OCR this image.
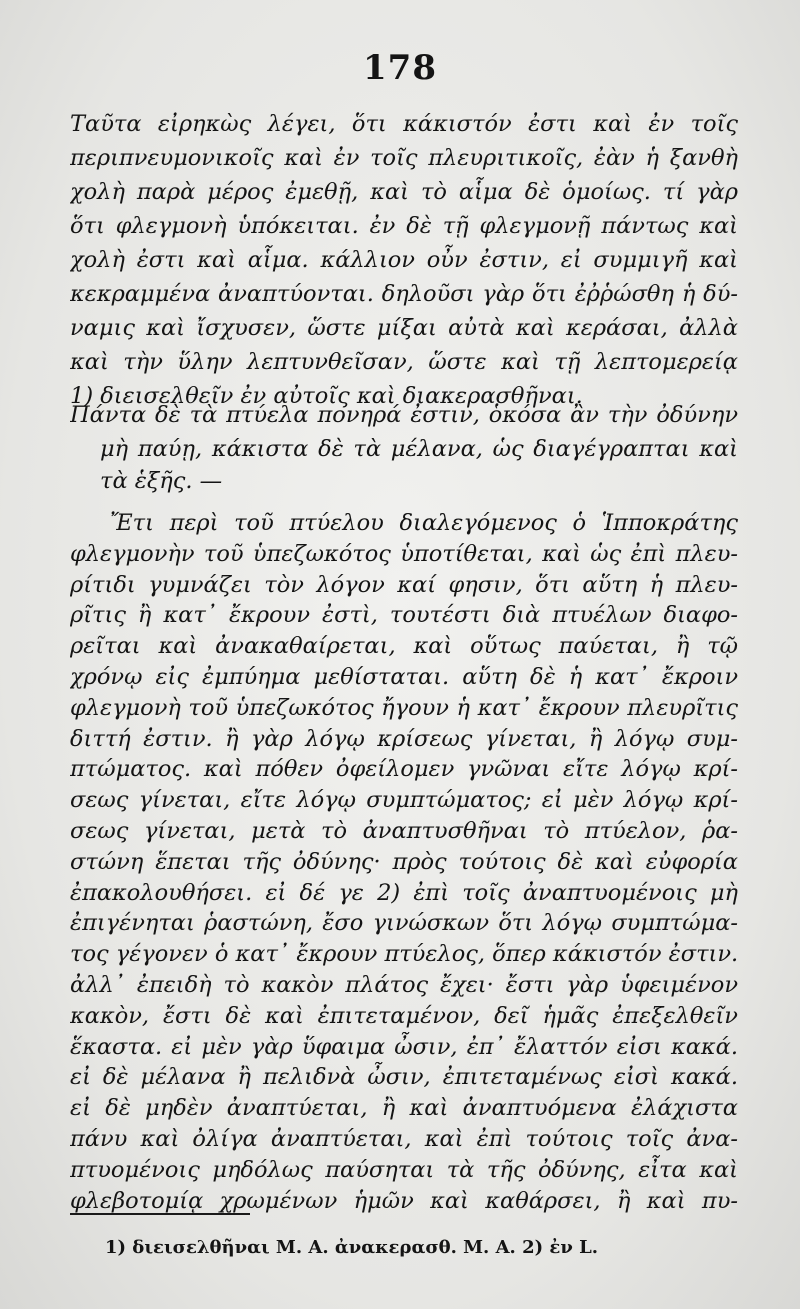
178
Ταῦτα εἰρηκὼς λέγει, ὅτι κάκιστόν ἐστι καὶ ἐν τοῖς
περιπνευμονικοῖς καὶ ἐν τοῖς πλευριτικοῖς, ἐὰν ἡ ξανθὴ
χολὴ παρὰ μέρος ἐμεθῇ, καὶ τὸ αἷμα δὲ ὁμοίως. τί γὰρ
ὅτι φλεγμονὴ ὑπόκειται. ἐν δὲ τῇ φλεγμονῇ πάντως καὶ
χολὴ ἐστι καὶ αἷμα. κάλλιον οὖν ἐστιν, εἰ συμμιγῆ καὶ
κεκραμμένα ἀναπτύονται. δηλοῦσι γὰρ ὅτι ἐῤῥώσθη ἡ δύ-
ναμις καὶ ἴσχυσεν, ὥστε μίξαι αὐτὰ καὶ κεράσαι, ἀλλὰ
καὶ τὴν ὕλην λεπτυνθεῖσαν, ὥστε καὶ τῇ λεπτομερείᾳ
1) διεισελθεῖν ἐν αὐτοῖς καὶ διακερασθῆναι.
Πάντα δὲ τὰ πτύελα πονηρά ἐστιν, ὁκόσα ἂν τὴν ὀδύνην
μὴ παύῃ, κάκιστα δὲ τὰ μέλανα, ὡς διαγέγραπται καὶ
τὰ ἑξῆς. —
Ἔτι περὶ τοῦ πτύελου διαλεγόμενος ὁ Ἱπποκράτης
φλεγμονὴν τοῦ ὑπεζωκότος ὑποτίθεται, καὶ ὡς ἐπὶ πλευ-
ρίτιδι γυμνάζει τὸν λόγον καί φησιν, ὅτι αὕτη ἡ πλευ-
ρῖτις ἢ κατ᾽ ἔκρουν ἐστὶ, τουτέστι διὰ πτυέλων διαφο-
ρεῖται καὶ ἀνακαθαίρεται, καὶ οὕτως παύεται, ἢ τῷ
χρόνῳ εἰς ἐμπύημα μεθίσταται. αὕτη δὲ ἡ κατ᾽ ἔκροιν
φλεγμονὴ τοῦ ὑπεζωκότος ἤγουν ἡ κατ᾽ ἔκρουν πλευρῖτις
διττή ἐστιν. ἢ γὰρ λόγῳ κρίσεως γίνεται, ἢ λόγῳ συμ-
πτώματος. καὶ πόθεν ὀφείλομεν γνῶναι εἴτε λόγῳ κρί-
σεως γίνεται, εἴτε λόγῳ συμπτώματος; εἰ μὲν λόγῳ κρί-
σεως γίνεται, μετὰ τὸ ἀναπτυσθῆναι τὸ πτύελον, ῥα-
στώνη ἕπεται τῆς ὀδύνης· πρὸς τούτοις δὲ καὶ εὐφορία
ἐπακολουθήσει. εἰ δέ γε 2) ἐπὶ τοῖς ἀναπτυομένοις μὴ
ἐπιγένηται ῥαστώνη, ἔσο γινώσκων ὅτι λόγῳ συμπτώμα-
τος γέγονεν ὁ κατ᾽ ἔκρουν πτύελος, ὅπερ κάκιστόν ἐστιν.
ἀλλ᾽ ἐπειδὴ τὸ κακὸν πλάτος ἔχει· ἔστι γὰρ ὑφειμένον
κακὸν, ἔστι δὲ καὶ ἐπιτεταμένον, δεῖ ἡμᾶς ἐπεξελθεῖν
ἕκαστα. εἰ μὲν γὰρ ὕφαιμα ὦσιν, ἐπ᾽ ἔλαττόν εἰσι κακά.
εἰ δὲ μέλανα ἢ πελιδνὰ ὦσιν, ἐπιτεταμένως εἰσὶ κακά.
εἰ δὲ μηδὲν ἀναπτύεται, ἢ καὶ ἀναπτυόμενα ἐλάχιστα
πάνυ καὶ ὀλίγα ἀναπτύεται, καὶ ἐπὶ τούτοις τοῖς ἀνα-
πτυομένοις μηδόλως παύσηται τὰ τῆς ὀδύνης, εἶτα καὶ
φλεβοτομίᾳ χρωμένων ἡμῶν καὶ καθάρσει, ἢ καὶ πυ-
1) διεισελθῆναι M. A. ἀνακερασθ. M. A. 2) ἐν L.
